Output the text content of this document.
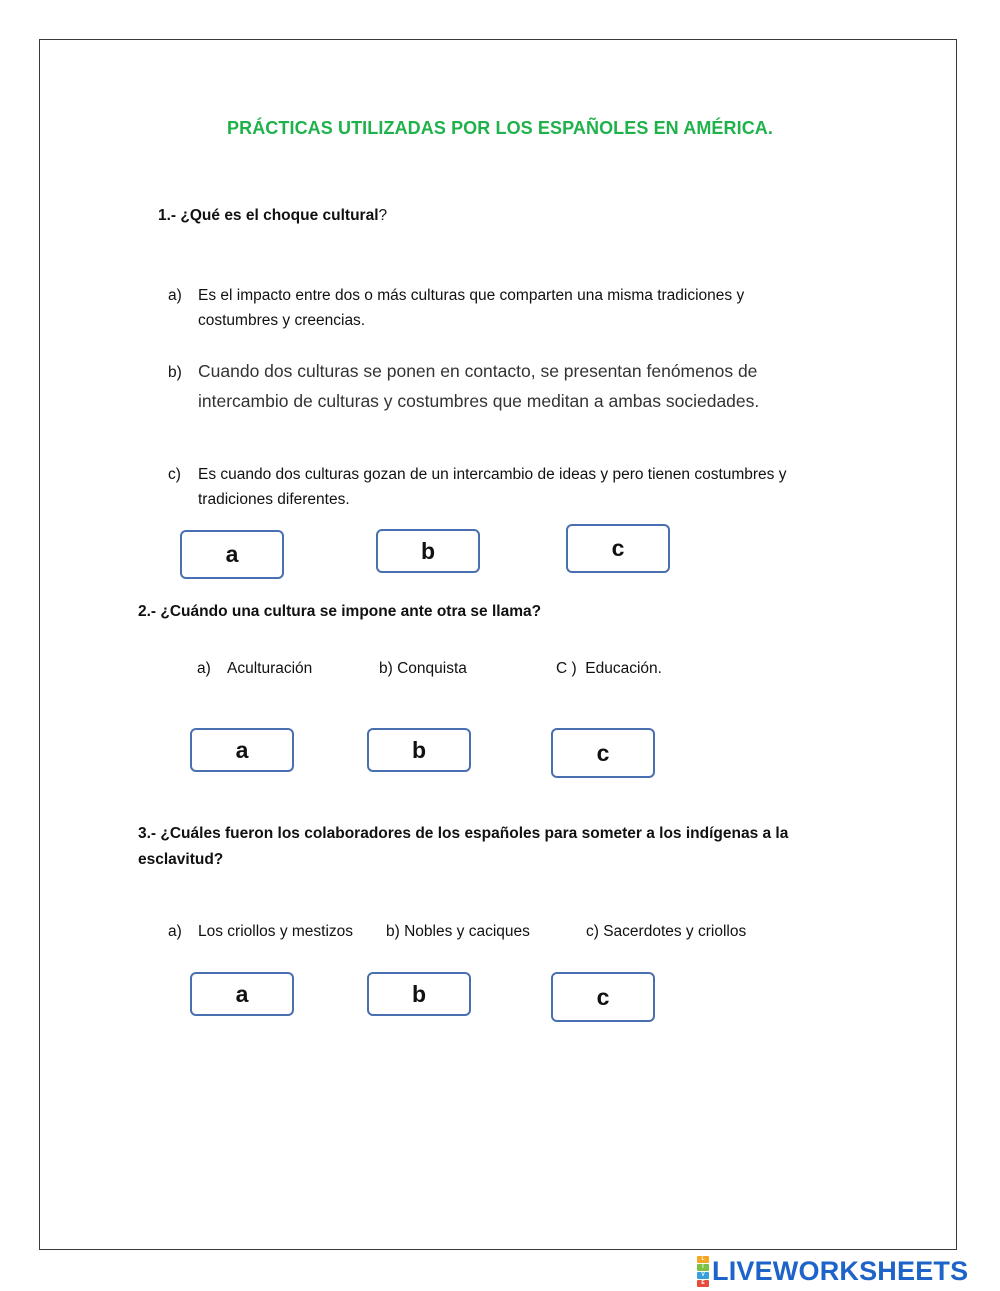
PRÁCTICAS UTILIZADAS POR LOS ESPAÑOLES EN AMÉRICA.
1.- ¿Qué es el choque cultural?
a) Es el impacto entre dos o más culturas que comparten una misma tradiciones y
costumbres y creencias.
b) Cuando dos culturas se ponen en contacto, se presentan fenómenos de
intercambio de culturas y costumbres que meditan a ambas sociedades.
c) Es cuando dos culturas gozan de un intercambio de ideas y pero tienen costumbres y
tradiciones diferentes.
a	b	c
2.- ¿Cuándo una cultura se impone ante otra se llama?
a) Aculturación	b) Conquista	C )  Educación.
a	b	c
3.- ¿Cuáles fueron los colaboradores de los españoles para someter a los indígenas a la
esclavitud?
a) Los criollos y mestizos b) Nobles y caciques	c) Sacerdotes y criollos
a	b	c
L
I
V
E LIVEWORKSHEETS
